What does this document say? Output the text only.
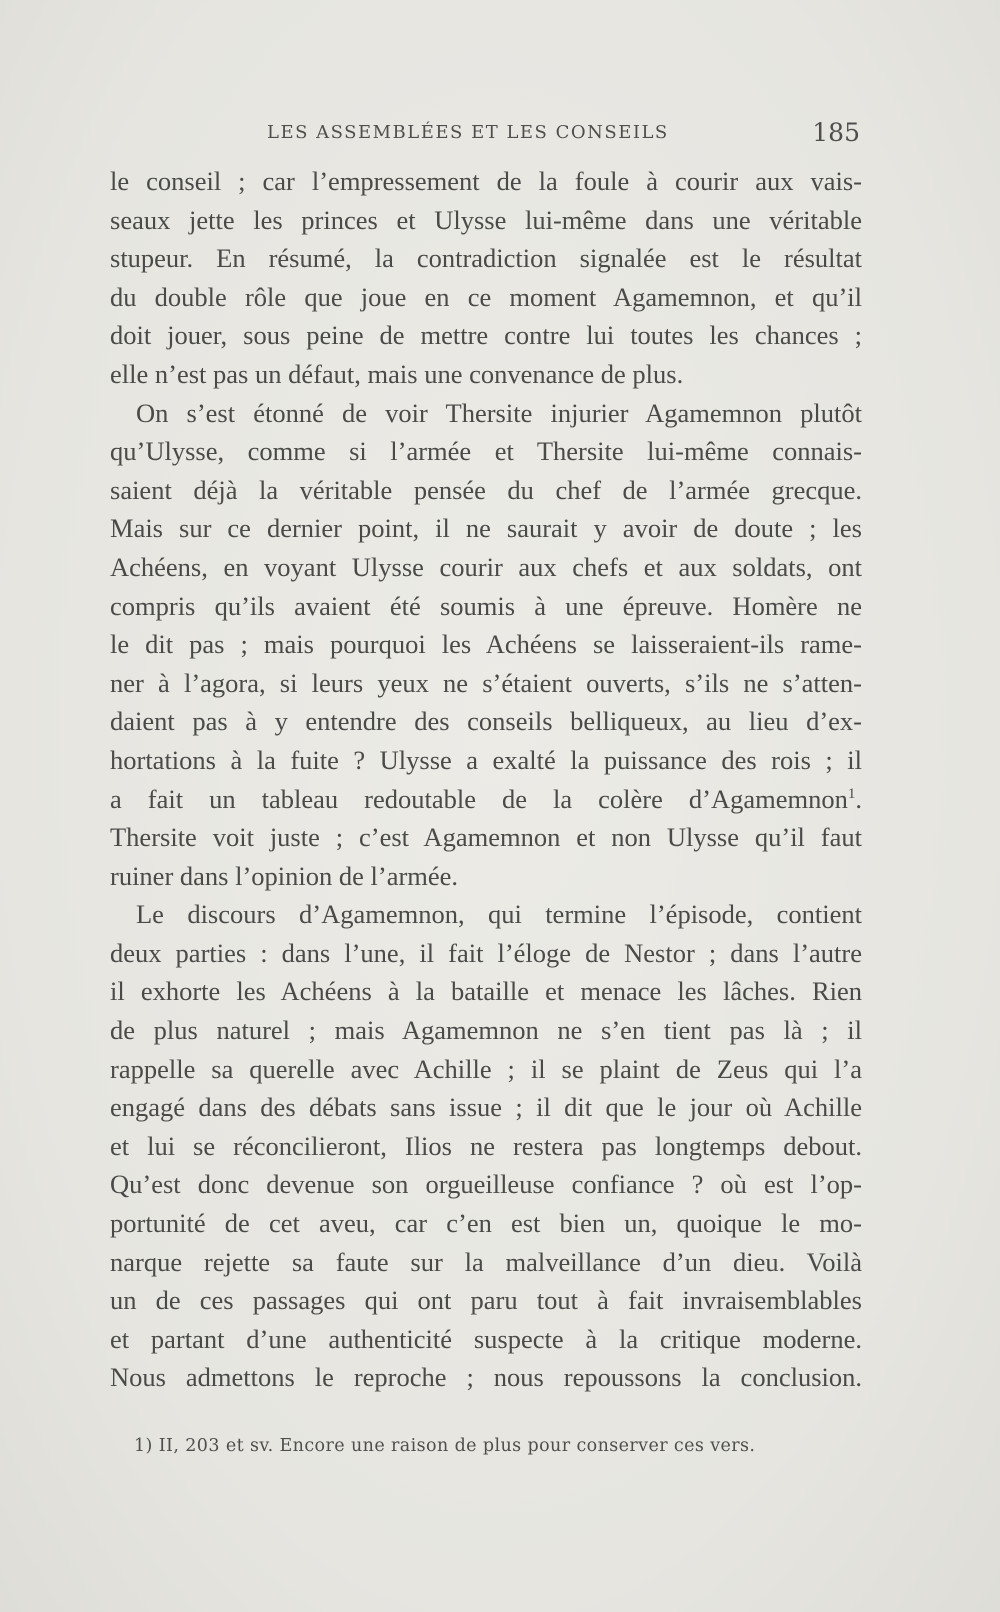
LES ASSEMBLÉES ET LES CONSEILS	185

le conseil ; car l’empressement de la foule à courir aux vais-

seaux jette les princes et Ulysse lui-même dans une véritable

stupeur. En résumé, la contradiction signalée est le résultat

du double rôle que joue en ce moment Agamemnon, et qu’il

doit jouer, sous peine de mettre contre lui toutes les chances ;

elle n’est pas un défaut, mais une convenance de plus.

On s’est étonné de voir Thersite injurier Agamemnon plutôt

qu’Ulysse, comme si l’armée et Thersite lui-même connais-

saient déjà la véritable pensée du chef de l’armée grecque.

Mais sur ce dernier point, il ne saurait y avoir de doute ; les

Achéens, en voyant Ulysse courir aux chefs et aux soldats, ont

compris qu’ils avaient été soumis à une épreuve. Homère ne

le dit pas ; mais pourquoi les Achéens se laisseraient-ils rame-

ner à l’agora, si leurs yeux ne s’étaient ouverts, s’ils ne s’atten-

daient pas à y entendre des conseils belliqueux, au lieu d’ex-

hortations à la fuite ? Ulysse a exalté la puissance des rois ; il

a fait un tableau redoutable de la colère d’Agamemnon$^1$.

Thersite voit juste ; c’est Agamemnon et non Ulysse qu’il faut

ruiner dans l’opinion de l’armée.

Le discours d’Agamemnon, qui termine l’épisode, contient

deux parties : dans l’une, il fait l’éloge de Nestor ; dans l’autre

il exhorte les Achéens à la bataille et menace les lâches. Rien

de plus naturel ; mais Agamemnon ne s’en tient pas là ; il

rappelle sa querelle avec Achille ; il se plaint de Zeus qui l’a

engagé dans des débats sans issue ; il dit que le jour où Achille

et lui se réconcilieront, Ilios ne restera pas longtemps debout.

Qu’est donc devenue son orgueilleuse confiance ? où est l’op-

portunité de cet aveu, car c’en est bien un, quoique le mo-

narque rejette sa faute sur la malveillance d’un dieu. Voilà

un de ces passages qui ont paru tout à fait invraisemblables

et partant d’une authenticité suspecte à la critique moderne.

Nous admettons le reproche ; nous repoussons la conclusion.

1) II, 203 et sv. Encore une raison de plus pour conserver ces vers.
